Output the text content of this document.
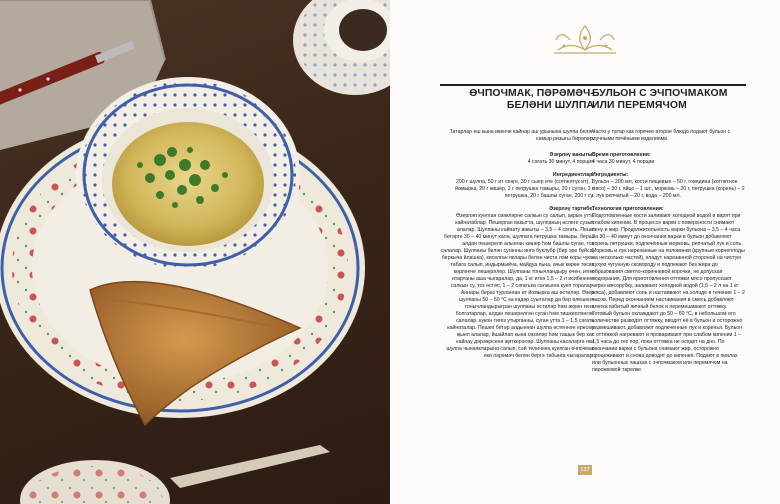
ӨЧПОЧМАК, ПӘРӘМӘЧ-БЕЛӘНИ ШУЛПА
Татарлар еш кына икенче кайнар аш урынына шулпа белән камыр ризыгы бирәләр.
Әзерләү вакыты:
4 сәгать 30 минут, 4 порция
Ингредиентлар:
200 г шулпа, 50 г ит сеңге, 30 г сыер ите (сотпелтүк ит), 1 йомырка, 20 г кишер, 2 г петрушка тамыры, 20 г суган, 2 г петрушка, 20 г башлы суган, 200 г су.
Әзерләү тәртибе:
Өзерләп куелган сөякләрне салкын су салып, акрын утта кайнатаблар. Пешерган вакытта, шулпаның өслеге сузып алалар. Шулпаны кайнату вакыты – 3,5 – 4 сәгать. Пеше бетәрге 30 – 40 минут кала, шулпага петрушка тамыры, бераз алдан пешерелп алынган кишер һәм башлы суган, тоз салалар. Шулпаны белән суганны ингә буклубр (бир эре буйса, беркыча йлашка), киселған яклары белән чиста ләм коры чуен табага салып, индырмыйча, майдуа пьна, ачык көрөн төскә көрләнче лешерәлер. Шулпаны тонычландыру өчен, итне итартаны аша чыгаралар, да, 1 кг иткә 1,5 – 2 л исибеннен салкын су, тоз өстәп, 1 – 2 сәгатька салкынга куеп торалар. Аннары бераз турланган ит йомырка аш өстиләр. Әзер шулпаны 50 – 60 °С ка кадәр суыталар да бер өлешенә тонычландырыгран шулпаны әстиләр һәм әкрен генә болгатарлар, алдан пешерелгән суган һәм тишкелләнгән салалар, кукон тигез утырганны, суган утта 1 – 1,5 сәгать кайнаталар. Пешеп бетәр алдыннан шулпа өстеннән ересен җыеп алалар, йшайлап кына сөзәләр һәм ташык бер кат кайнау дәрәҗәсенә җиткерәләр. Шулпаны касәләргә яки шулпа чынаякларына салып, сәй теличнең куелган өчпочмак яки пәрәмәч белән бергә табынга чыгаралар.
БУЛЬОН С ЭЧПОЧМАКОМ ИЛИ ПЕРЕМЯЧОМ
Часто у татар как горячее второе блюдо подают бульон с мучными печёными изделиями.
Время приготовления:
4 часа 30 минут, 4 порции
Ингредиенты:
Бульон – 200 мл, кости пищевые – 50 г, говядина (котлетное мясо) – 30 г, яйцо – 1 шт., морковь – 20 г, петрушка (корень) – 2 г, лук репчатый – 20 г, вода – 200 мл.
Технология приготовления:
Подготовленные кости заливают холодной водой и варят при слабом кипении. В процессе варки с поверхности снимают пену и жир. Продолжительность варки бульона – 3,5 – 4 часа. За 30 – 40 минут до окончания варки в бульон добавляют корень петрушки, подпечённые морковь, репчатый лук и соль. Морковь и лук нарезанные на половинки (крупные корнеплоды на несколько частей), кладут нарезанной стороной на чистую сухую чугунную сковороду и подпекают без жира до образования светло-коричневой корочки, не допуская подгорания. Для приготовления оттяжки мясо пропускают через мясорубку, заливают холодной водой (1,5 – 2 л на 1 кг мяса), добавляют соль и настаивают на холоде в течение 1 – 2 часов. Перед окончанием настаивания в смесь добавляют слегка взбитый яичный белок и перемешивают оттяжку. Готовый бульон охлаждают до 50 – 60 °С, в небольшом его количестве разводят оттяжку, вводят её в бульон и осторожно размешивают, добавляют подпеченные лук и коренья. Бульон с оттяжкой нагревают и проваривают при слабом кипении 1 – 1,5 часа до тех пор, пока оттяжка не осядет на дно. По окончании варки с бульона снимают жир, осторожно процеживают и снова доводят до кипения. Подают в пиалах или бульонных чашках с эчпочмаком или перемячом на пирожковой тарелке.
137
